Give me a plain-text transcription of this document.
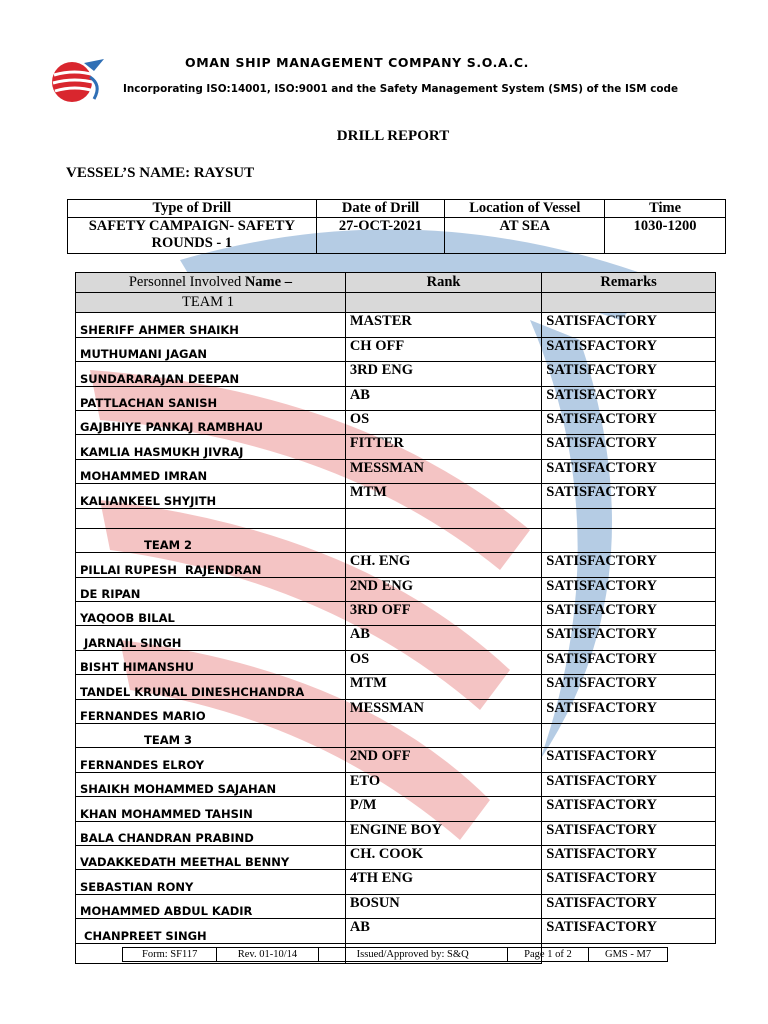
OMAN SHIP MANAGEMENT COMPANY S.O.A.C.
Incorporating ISO:14001, ISO:9001 and the Safety Management System (SMS) of the ISM code
DRILL REPORT
VESSEL’S NAME: RAYSUT
Type of Drill	Date of Drill	Location of Vessel	Time
SAFETY CAMPAIGN- SAFETY ROUNDS - 1	27-OCT-2021	AT SEA	1030-1200
Personnel Involved Name –	Rank	Remarks
TEAM 1		
SHERIFF AHMER SHAIKH	MASTER	SATISFACTORY
MUTHUMANI JAGAN	CH OFF	SATISFACTORY
SUNDARARAJAN DEEPAN	3RD ENG	SATISFACTORY
PATTLACHAN SANISH	AB	SATISFACTORY
GAJBHIYE PANKAJ RAMBHAU	OS	SATISFACTORY
KAMLIA HASMUKH JIVRAJ	FITTER	SATISFACTORY
MOHAMMED IMRAN	MESSMAN	SATISFACTORY
KALIANKEEL SHYJITH	MTM	SATISFACTORY

TEAM 2		
PILLAI RUPESH  RAJENDRAN	CH. ENG	SATISFACTORY
DE RIPAN	2ND ENG	SATISFACTORY
YAQOOB BILAL	3RD OFF	SATISFACTORY
JARNAIL SINGH	AB	SATISFACTORY
BISHT HIMANSHU	OS	SATISFACTORY
TANDEL KRUNAL DINESHCHANDRA	MTM	SATISFACTORY
FERNANDES MARIO	MESSMAN	SATISFACTORY
TEAM 3		
FERNANDES ELROY	2ND OFF	SATISFACTORY
SHAIKH MOHAMMED SAJAHAN	ETO	SATISFACTORY
KHAN MOHAMMED TAHSIN	P/M	SATISFACTORY
BALA CHANDRAN PRABIND	ENGINE BOY	SATISFACTORY
VADAKKEDATH MEETHAL BENNY	CH. COOK	SATISFACTORY
SEBASTIAN RONY	4TH ENG	SATISFACTORY
MOHAMMED ABDUL KADIR	BOSUN	SATISFACTORY
CHANPREET SINGH	AB	SATISFACTORY

Form: SF117	Rev. 01-10/14	Issued/Approved by: S&Q	Page 1 of 2	GMS - M7
